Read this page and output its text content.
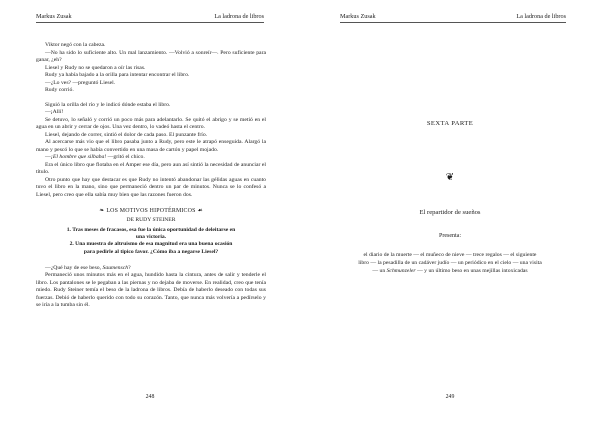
Markus Zusak	La ladrona de libros

Viktor negó con la cabeza.

—No ha sido lo suficiente alto. Un mal lanzamiento. —Volvió a sonreír—. Pero suficiente para ganar, ¿eh?

Liesel y Rudy no se quedaron a oír las risas.

Rudy ya había bajado a la orilla para intentar encontrar el libro.

—¿Lo ves? —preguntó Liesel.

Rudy corrió.

Siguió la orilla del río y le indicó dónde estaba el libro.

—¡Allí!

Se detuvo, lo señaló y corrió un poco más para adelantarlo. Se quitó el abrigo y se metió en el agua en un abrir y cerrar de ojos. Una vez dentro, lo vadeó hasta el centro.

Liesel, dejando de correr, sintió el dolor de cada paso. El punzante frío.

Al acercarse más vio que el libro pasaba junto a Rudy, pero este le atrapó enseguida. Alargó la mano y pescó lo que se había convertido en una masa de cartón y papel mojado.

—¡El hombre que silbaba! —gritó el chico.

Era el único libro que flotaba en el Amper ese día, pero aun así sintió la necesidad de anunciar el título.

Otro punto que hay que destacar es que Rudy no intentó abandonar las gélidas aguas en cuanto tuvo el libro en la mano, sino que permaneció dentro un par de minutos. Nunca se lo confesó a Liesel, pero creo que ella sabía muy bien que las razones fueron dos.

❧ LOS MOTIVOS HIPOTÉRMICOS ☙
DE RUDY STEINER
1. Tras meses de fracasos, esa fue la única oportunidad de deleitarse en una victoria.
2. Una muestra de altruismo de esa magnitud era una buena ocasión para pedirle al tipico favor. ¿Cómo iba a negarse Liesel?

—¿Qué hay de ese beso, Saumensch?

Permaneció unos minutos más en el agua, hundido hasta la cintura, antes de salir y tenderle el libro. Los pantalones se le pegaban a las piernas y no dejaba de moverse. En realidad, creo que tenía miedo. Rudy Steiner temía el beso de la ladrona de libros. Debía de haberlo deseado con todas sus fuerzas. Debió de haberlo querido con todo su corazón. Tanto, que nunca más volvería a pedírselo y se iría a la tumba sin él.

248
Markus Zusak	La ladrona de libros
249
SEXTA PARTE
❦
El repartidor de sueños
Presenta:
el diario de la muerte — el muñeco de nieve — trece regalos — el siguiente
libro — la pesadilla de un cadáver judío — un periódico en el cielo — una visita
— un Schmunzeler — y un último beso en unas mejillas intoxicadas
